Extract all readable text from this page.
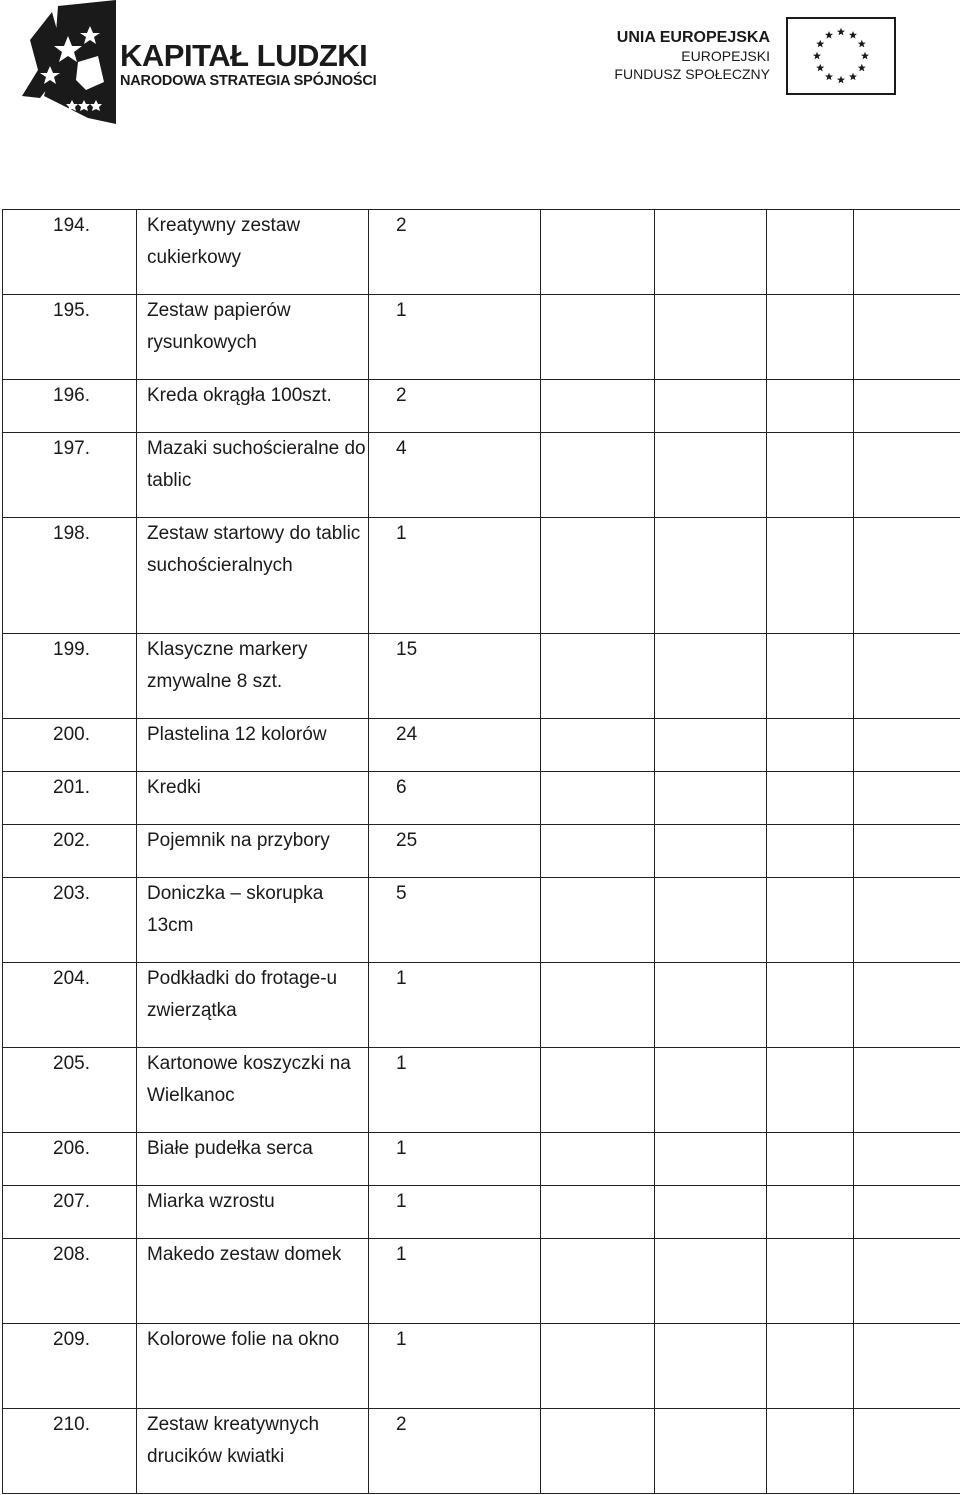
KAPITAŁ LUDZKI
NARODOWA STRATEGIA SPÓJNOŚCI
UNIA EUROPEJSKA
EUROPEJSKI
FUNDUSZ SPOŁECZNY
194.	Kreatywny zestaw cukierkowy	2				
195.	Zestaw papierów rysunkowych	1				
196.	Kreda okrągła 100szt.	2				
197.	Mazaki suchościeralne do tablic	4				
198.	Zestaw startowy do tablic suchościeralnych	1				
199.	Klasyczne markery zmywalne 8 szt.	15				
200.	Plastelina 12 kolorów	24				
201.	Kredki	6				
202.	Pojemnik na przybory	25				
203.	Doniczka – skorupka 13cm	5				
204.	Podkładki do frotage-u zwierzątka	1				
205.	Kartonowe koszyczki na Wielkanoc	1				
206.	Białe pudełka serca	1				
207.	Miarka wzrostu	1				
208.	Makedo zestaw domek	1				
209.	Kolorowe folie na okno	1				
210.	Zestaw kreatywnych drucików kwiatki	2				
